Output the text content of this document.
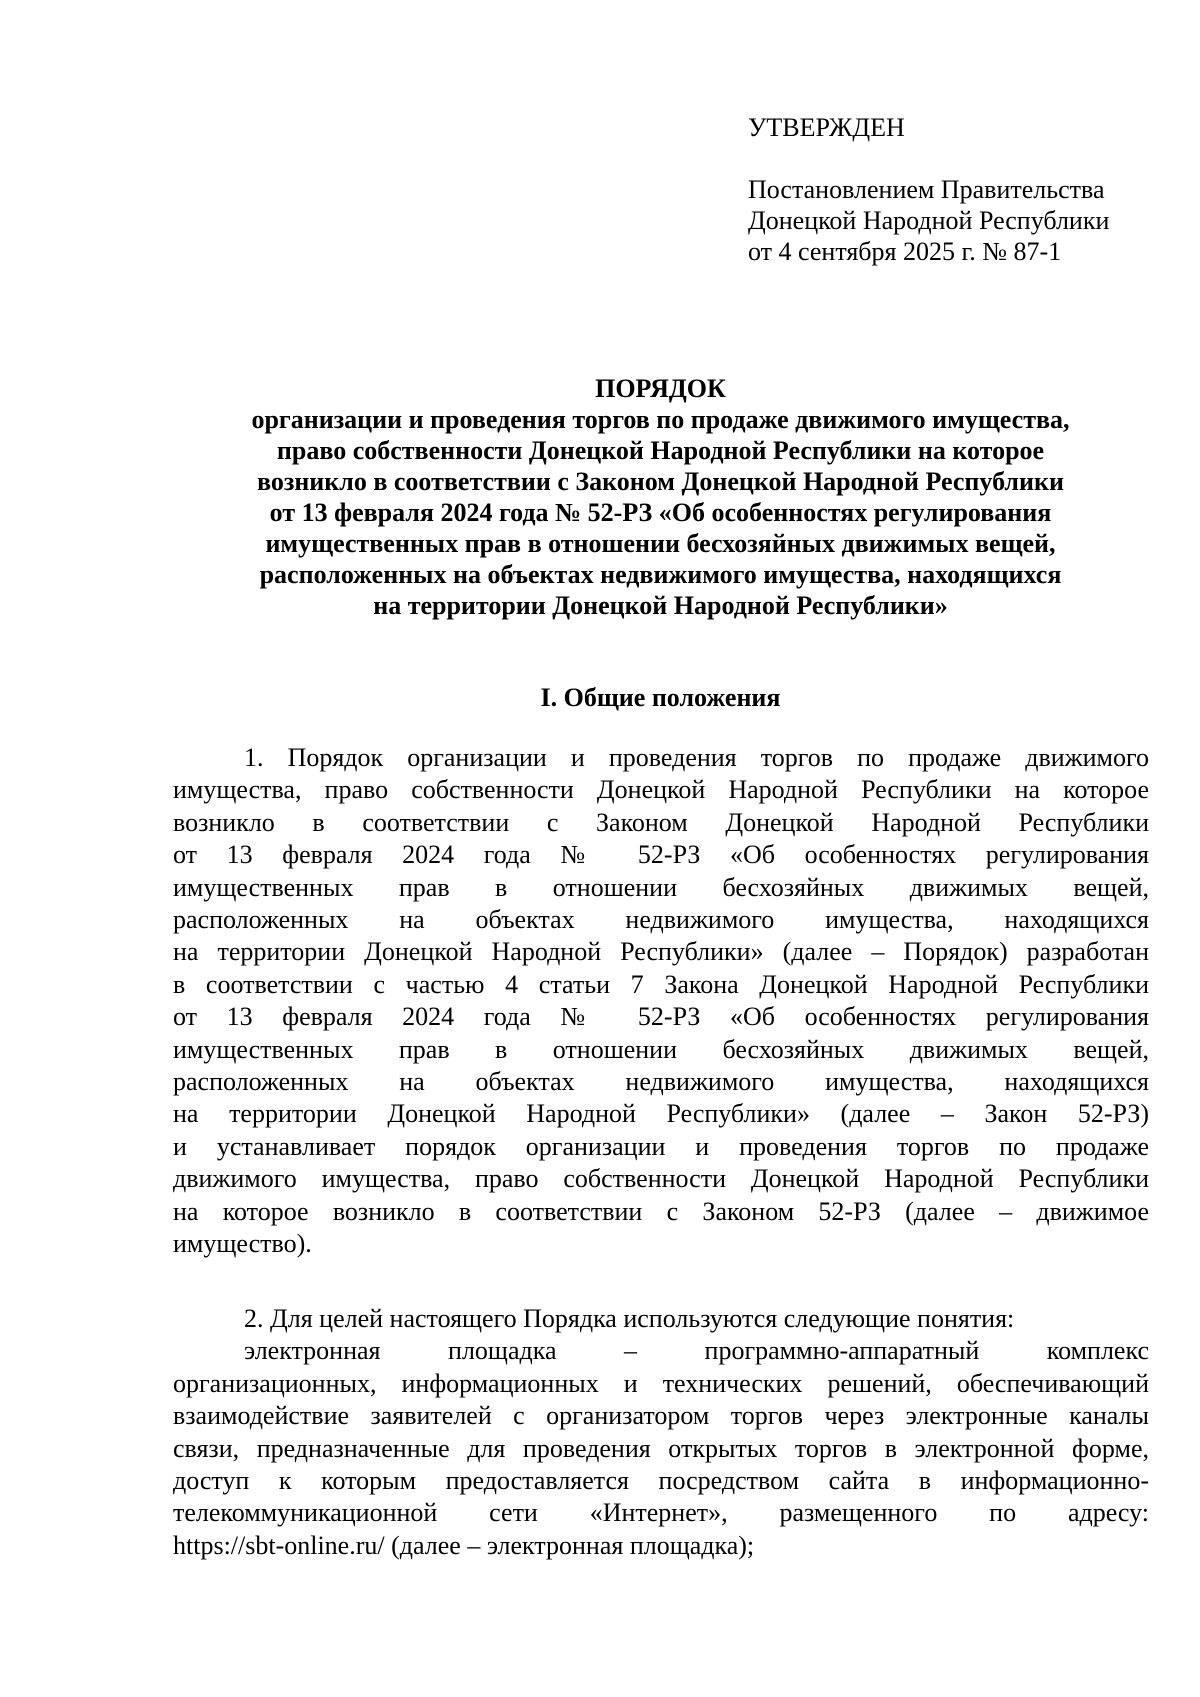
УТВЕРЖДЕН
Постановлением Правительства
Донецкой Народной Республики
от 4 сентября 2025 г. № 87-1
ПОРЯДОК
организации и проведения торгов по продаже движимого имущества,
право собственности Донецкой Народной Республики на которое
возникло в соответствии с Законом Донецкой Народной Республики
от 13 февраля 2024 года № 52-РЗ «Об особенностях регулирования
имущественных прав в отношении бесхозяйных движимых вещей,
расположенных на объектах недвижимого имущества, находящихся
на территории Донецкой Народной Республики»
I. Общие положения
1. Порядок организации и проведения торгов по продаже движимого
имущества, право собственности Донецкой Народной Республики на которое
возникло в соответствии с Законом Донецкой Народной Республики
от 13 февраля 2024 года № 52-РЗ «Об особенностях регулирования
имущественных прав в отношении бесхозяйных движимых вещей,
расположенных на объектах недвижимого имущества, находящихся
на территории Донецкой Народной Республики» (далее – Порядок) разработан
в соответствии с частью 4 статьи 7 Закона Донецкой Народной Республики
от 13 февраля 2024 года № 52-РЗ «Об особенностях регулирования
имущественных прав в отношении бесхозяйных движимых вещей,
расположенных на объектах недвижимого имущества, находящихся
на территории Донецкой Народной Республики» (далее – Закон 52-РЗ)
и устанавливает порядок организации и проведения торгов по продаже
движимого имущества, право собственности Донецкой Народной Республики
на которое возникло в соответствии с Законом 52-РЗ (далее – движимое
имущество).
2. Для целей настоящего Порядка используются следующие понятия:
электронная площадка – программно-аппаратный комплекс
организационных, информационных и технических решений, обеспечивающий
взаимодействие заявителей с организатором торгов через электронные каналы
связи, предназначенные для проведения открытых торгов в электронной форме,
доступ к которым предоставляется посредством сайта в информационно-
телекоммуникационной сети «Интернет», размещенного по адресу:
https://sbt-online.ru/ (далее – электронная площадка);
